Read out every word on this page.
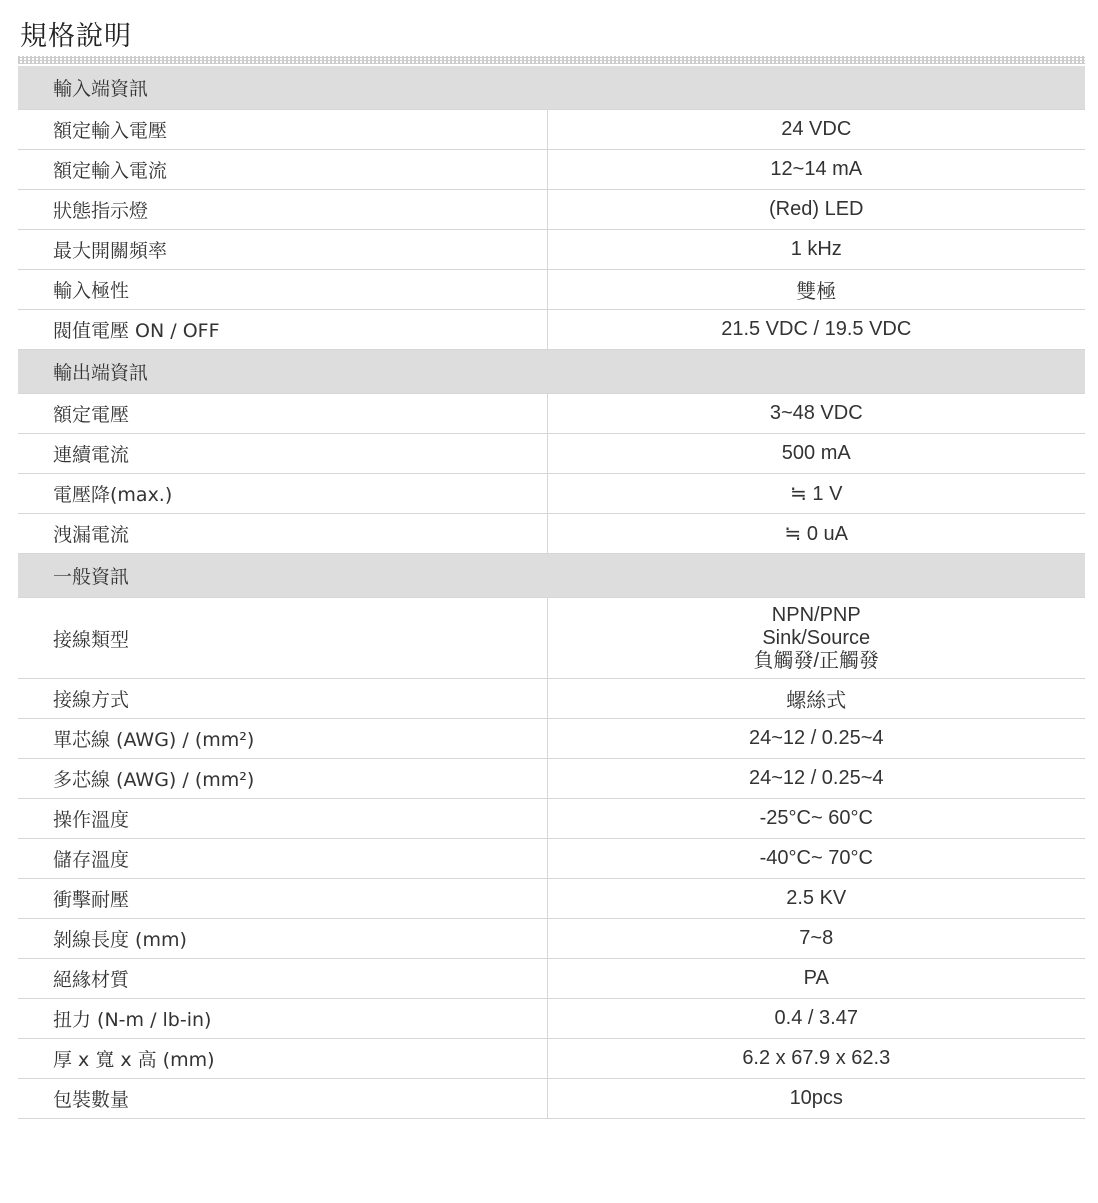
規格說明
輸入端資訊	
額定輸入電壓	24 VDC
額定輸入電流	12~14 mA
狀態指示燈	(Red) LED
最大開關頻率	1 kHz
輸入極性	雙極
閥值電壓 ON / OFF	21.5 VDC / 19.5 VDC
輸出端資訊	
額定電壓	3~48 VDC
連續電流	500 mA
電壓降(max.)	≒ 1 V
洩漏電流	≒ 0 uA
一般資訊	
接線類型	NPN/PNP
Sink/Source
負觸發/正觸發

接線方式	螺絲式
單芯線 (AWG) / (mm²)	24~12 / 0.25~4
多芯線 (AWG) / (mm²)	24~12 / 0.25~4
操作溫度	-25°C~ 60°C
儲存溫度	-40°C~ 70°C
衝擊耐壓	2.5 KV
剝線長度 (mm)	7~8
絕緣材質	PA
扭力 (N-m / lb-in)	0.4 / 3.47
厚 x 寬 x 高 (mm)	6.2 x 67.9 x 62.3
包裝數量	10pcs
